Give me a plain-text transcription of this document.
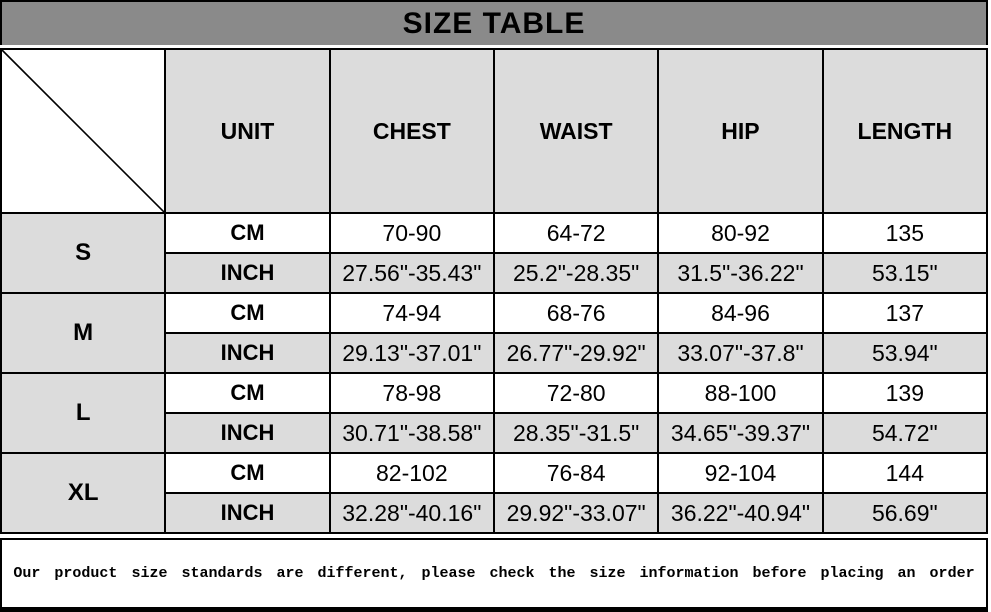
SIZE TABLE
	UNIT	CHEST	WAIST	HIP	LENGTH
S	CM	70-90	64-72	80-92	135
	INCH	27.56"-35.43"	25.2"-28.35"	31.5"-36.22"	53.15"
M	CM	74-94	68-76	84-96	137
	INCH	29.13"-37.01"	26.77"-29.92"	33.07"-37.8"	53.94"
L	CM	78-98	72-80	88-100	139
	INCH	30.71"-38.58"	28.35"-31.5"	34.65"-39.37"	54.72"
XL	CM	82-102	76-84	92-104	144
	INCH	32.28"-40.16"	29.92"-33.07"	36.22"-40.94"	56.69"
Our product size standards are different, please check the size information before placing an order
